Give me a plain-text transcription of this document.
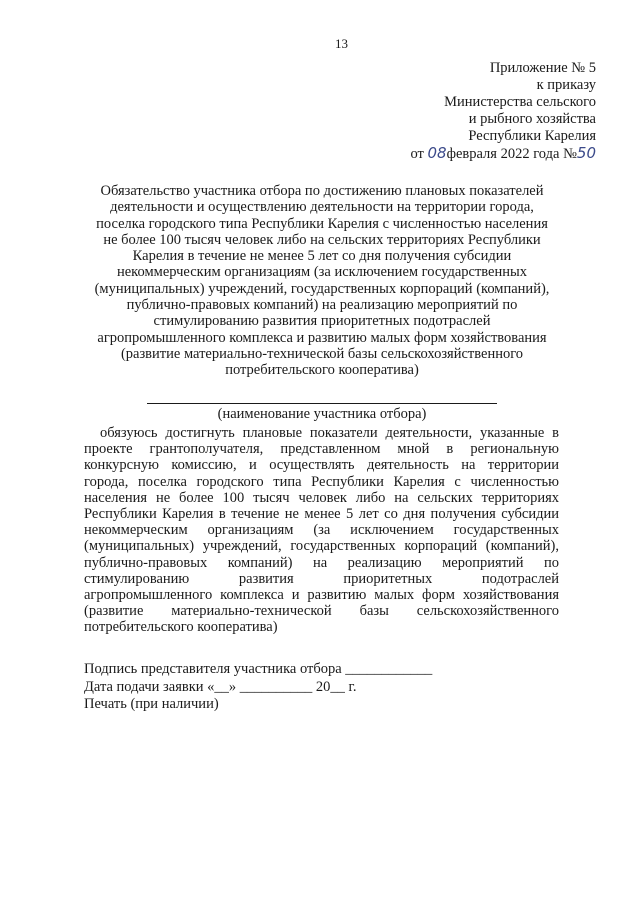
13
Приложение № 5
к приказу
Министерства сельского
и рыбного хозяйства
Республики Карелия
от 08февраля 2022 года №50
Обязательство участника отбора по достижению плановых показателей
деятельности и осуществлению деятельности на территории города,
поселка городского типа Республики Карелия с численностью населения
не более 100 тысяч человек либо на сельских территориях Республики
Карелия в течение не менее 5 лет со дня получения субсидии
некоммерческим организациям (за исключением государственных
(муниципальных) учреждений, государственных корпораций (компаний),
публично-правовых компаний) на реализацию мероприятий по
стимулированию развития приоритетных подотраслей
агропромышленного комплекса и развитию малых форм хозяйствования
(развитие материально-технической базы сельскохозяйственного
потребительского кооператива)
(наименование участника отбора)
обязуюсь достигнуть плановые показатели деятельности, указанные в
проекте грантополучателя, представленном мной в региональную
конкурсную комиссию, и осуществлять деятельность на территории
города, поселка городского типа Республики Карелия с численностью
населения не более 100 тысяч человек либо на сельских территориях
Республики Карелия в течение не менее 5 лет со дня получения субсидии
некоммерческим организациям (за исключением государственных
(муниципальных) учреждений, государственных корпораций (компаний),
публично-правовых компаний) на реализацию мероприятий по
стимулированию развития приоритетных подотраслей
агропромышленного комплекса и развитию малых форм хозяйствования
(развитие материально-технической базы сельскохозяйственного
потребительского кооператива)
Подпись представителя участника отбора ____________
Дата подачи заявки «__» __________ 20__ г.
Печать (при наличии)
